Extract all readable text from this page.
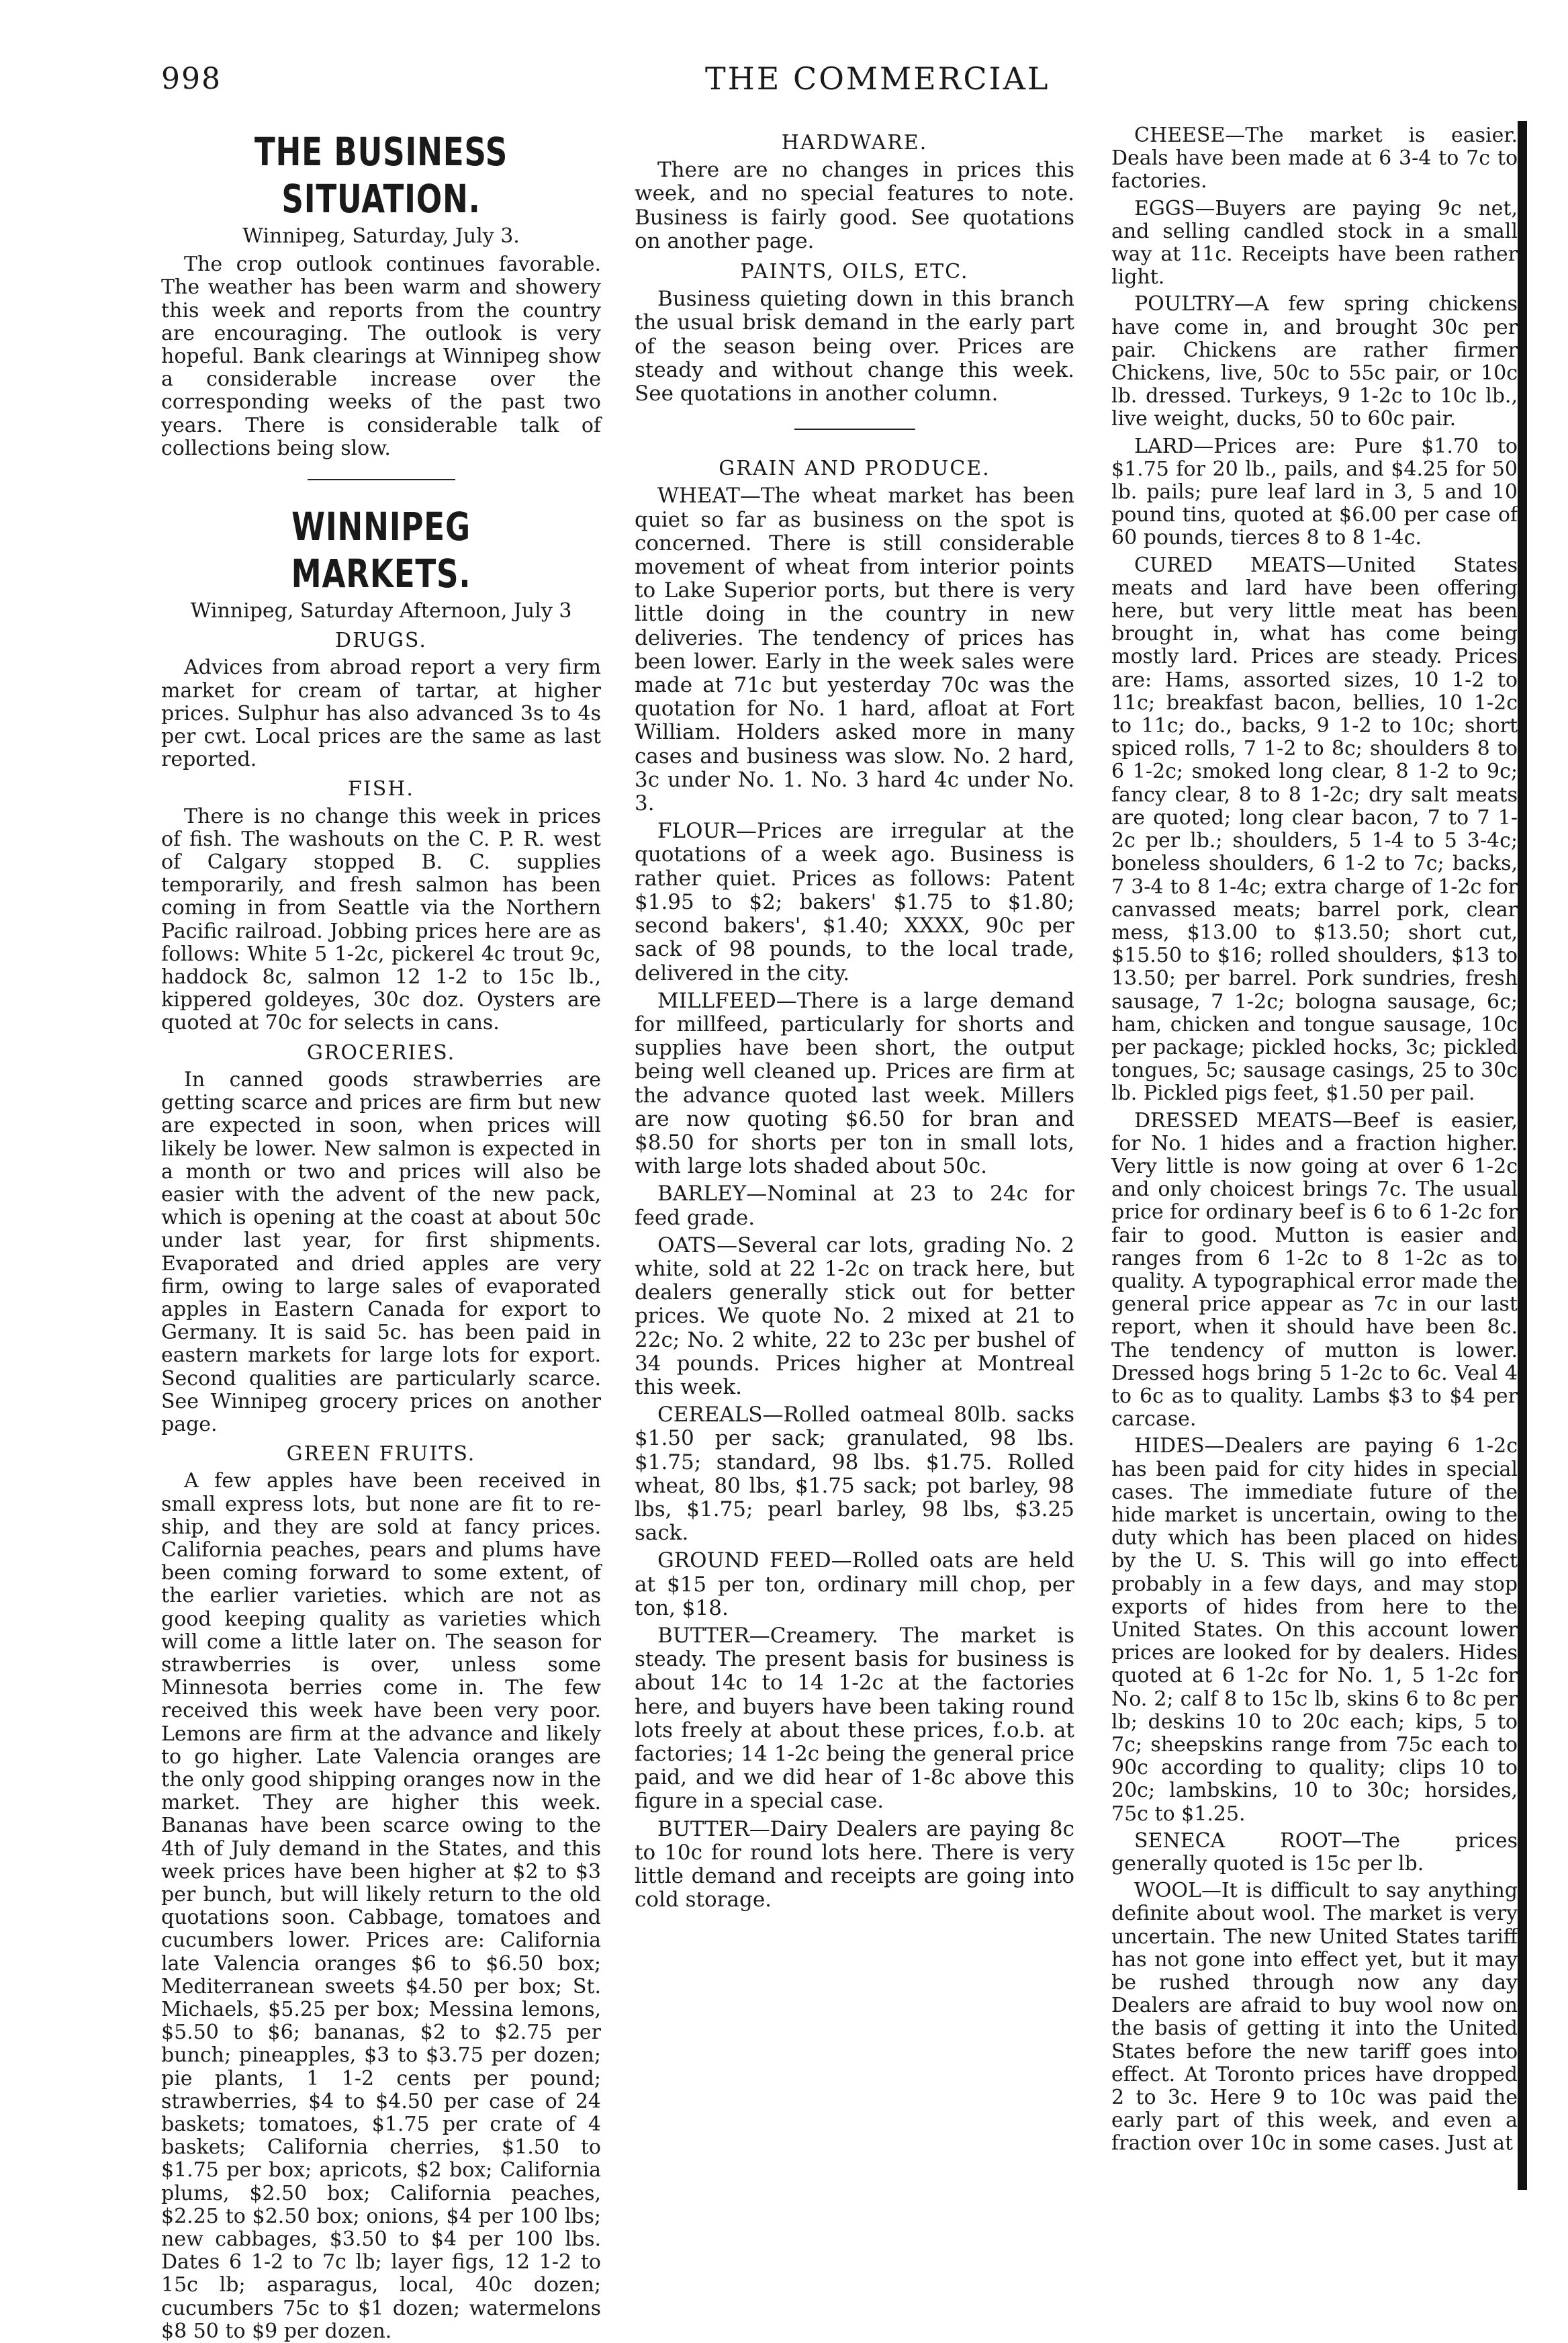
998	THE COMMERCIAL
THE BUSINESS SITUATION.
Winnipeg, Saturday, July 3.

The crop outlook continues favorable. The weather has been warm and showery this week and reports from the country are encouraging. The outlook is very hopeful. Bank clearings at Winnipeg show a considerable increase over the corresponding weeks of the past two years. There is considerable talk of collections being slow.

WINNIPEG MARKETS.
Winnipeg, Saturday Afternoon, July 3
DRUGS.

Advices from abroad report a very firm market for cream of tartar, at higher prices. Sulphur has also advanced 3s to 4s per cwt. Local prices are the same as last reported.

FISH.

There is no change this week in prices of fish. The washouts on the C. P. R. west of Calgary stopped B. C. supplies temporarily, and fresh salmon has been coming in from Seattle via the Northern Pacific railroad. Jobbing prices here are as follows: White 5 1-2c, pickerel 4c trout 9c, haddock 8c, salmon 12 1-2 to 15c lb., kippered goldeyes, 30c doz. Oysters are quoted at 70c for selects in cans.

GROCERIES.

In canned goods strawberries are getting scarce and prices are firm but new are expected in soon, when prices will likely be lower. New salmon is expected in a month or two and prices will also be easier with the advent of the new pack, which is opening at the coast at about 50c under last year, for first shipments. Evaporated and dried apples are very firm, owing to large sales of evaporated apples in Eastern Canada for export to Germany. It is said 5c. has been paid in eastern markets for large lots for export. Second qualities are particularly scarce. See Winnipeg grocery prices on another page.

GREEN FRUITS.

A few apples have been received in small express lots, but none are fit to re-ship, and they are sold at fancy prices. California peaches, pears and plums have been coming forward to some extent, of the earlier varieties. which are not as good keeping quality as varieties which will come a little later on. The season for strawberries is over, unless some Minnesota berries come in. The few received this week have been very poor. Lemons are firm at the advance and likely to go higher. Late Valencia oranges are the only good shipping oranges now in the market. They are higher this week. Bananas have been scarce owing to the 4th of July demand in the States, and this week prices have been higher at $2 to $3 per bunch, but will likely return to the old quotations soon. Cabbage, tomatoes and cucumbers lower. Prices are: California late Valencia oranges $6 to $6.50 box; Mediterranean sweets $4.50 per box; St. Michaels, $5.25 per box; Messina lemons, $5.50 to $6; bananas, $2 to $2.75 per bunch; pineapples, $3 to $3.75 per dozen; pie plants, 1 1-2 cents per pound; strawberries, $4 to $4.50 per case of 24 baskets; tomatoes, $1.75 per crate of 4 baskets; California cherries, $1.50 to $1.75 per box; apricots, $2 box; California plums, $2.50 box; California peaches, $2.25 to $2.50 box; onions, $4 per 100 lbs; new cabbages, $3.50 to $4 per 100 lbs. Dates 6 1-2 to 7c lb; layer figs, 12 1-2 to 15c lb; asparagus, local, 40c dozen; cucumbers 75c to $1 dozen; watermelons $8 50 to $9 per dozen.

HARDWARE.

There are no changes in prices this week, and no special features to note. Business is fairly good. See quotations on another page.

PAINTS, OILS, ETC.

Business quieting down in this branch the usual brisk demand in the early part of the season being over. Prices are steady and without change this week. See quotations in another column.

GRAIN AND PRODUCE.

WHEAT—The wheat market has been quiet so far as business on the spot is concerned. There is still considerable movement of wheat from interior points to Lake Superior ports, but there is very little doing in the country in new deliveries. The tendency of prices has been lower. Early in the week sales were made at 71c but yesterday 70c was the quotation for No. 1 hard, afloat at Fort William. Holders asked more in many cases and business was slow. No. 2 hard, 3c under No. 1. No. 3 hard 4c under No. 3.

FLOUR—Prices are irregular at the quotations of a week ago. Business is rather quiet. Prices as follows: Patent $1.95 to $2; bakers' $1.75 to $1.80; second bakers', $1.40; XXXX, 90c per sack of 98 pounds, to the local trade, delivered in the city.

MILLFEED—There is a large demand for millfeed, particularly for shorts and supplies have been short, the output being well cleaned up. Prices are firm at the advance quoted last week. Millers are now quoting $6.50 for bran and $8.50 for shorts per ton in small lots, with large lots shaded about 50c.

BARLEY—Nominal at 23 to 24c for feed grade.

OATS—Several car lots, grading No. 2 white, sold at 22 1-2c on track here, but dealers generally stick out for better prices. We quote No. 2 mixed at 21 to 22c; No. 2 white, 22 to 23c per bushel of 34 pounds. Prices higher at Montreal this week.

CEREALS—Rolled oatmeal 80lb. sacks $1.50 per sack; granulated, 98 lbs. $1.75; standard, 98 lbs. $1.75. Rolled wheat, 80 lbs, $1.75 sack; pot barley, 98 lbs, $1.75; pearl barley, 98 lbs, $3.25 sack.

GROUND FEED—Rolled oats are held at $15 per ton, ordinary mill chop, per ton, $18.

BUTTER—Creamery. The market is steady. The present basis for business is about 14c to 14 1-2c at the factories here, and buyers have been taking round lots freely at about these prices, f.o.b. at factories; 14 1-2c being the general price paid, and we did hear of 1-8c above this figure in a special case.

BUTTER—Dairy Dealers are paying 8c to 10c for round lots here. There is very little demand and receipts are going into cold storage.

CHEESE—The market is easier. Deals have been made at 6 3-4 to 7c to factories.

EGGS—Buyers are paying 9c net, and selling candled stock in a small way at 11c. Receipts have been rather light.

POULTRY—A few spring chickens have come in, and brought 30c per pair. Chickens are rather firmer Chickens, live, 50c to 55c pair, or 10c lb. dressed. Turkeys, 9 1-2c to 10c lb., live weight, ducks, 50 to 60c pair.

LARD—Prices are: Pure $1.70 to $1.75 for 20 lb., pails, and $4.25 for 50 lb. pails; pure leaf lard in 3, 5 and 10 pound tins, quoted at $6.00 per case of 60 pounds, tierces 8 to 8 1-4c.

CURED MEATS—United States meats and lard have been offering here, but very little meat has been brought in, what has come being mostly lard. Prices are steady. Prices are: Hams, assorted sizes, 10 1-2 to 11c; breakfast bacon, bellies, 10 1-2c to 11c; do., backs, 9 1-2 to 10c; short spiced rolls, 7 1-2 to 8c; shoulders 8 to 6 1-2c; smoked long clear, 8 1-2 to 9c; fancy clear, 8 to 8 1-2c; dry salt meats are quoted; long clear bacon, 7 to 7 1-2c per lb.; shoulders, 5 1-4 to 5 3-4c; boneless shoulders, 6 1-2 to 7c; backs, 7 3-4 to 8 1-4c; extra charge of 1-2c for canvassed meats; barrel pork, clear mess, $13.00 to $13.50; short cut, $15.50 to $16; rolled shoulders, $13 to 13.50; per barrel. Pork sundries, fresh sausage, 7 1-2c; bologna sausage, 6c; ham, chicken and tongue sausage, 10c per package; pickled hocks, 3c; pickled tongues, 5c; sausage casings, 25 to 30c lb. Pickled pigs feet, $1.50 per pail.

DRESSED MEATS—Beef is easier, for No. 1 hides and a fraction higher. Very little is now going at over 6 1-2c and only choicest brings 7c. The usual price for ordinary beef is 6 to 6 1-2c for fair to good. Mutton is easier and ranges from 6 1-2c to 8 1-2c as to quality. A typographical error made the general price appear as 7c in our last report, when it should have been 8c. The tendency of mutton is lower. Dressed hogs bring 5 1-2c to 6c. Veal 4 to 6c as to quality. Lambs $3 to $4 per carcase.

HIDES—Dealers are paying 6 1-2c has been paid for city hides in special cases. The immediate future of the hide market is uncertain, owing to the duty which has been placed on hides by the U. S. This will go into effect probably in a few days, and may stop exports of hides from here to the United States. On this account lower prices are looked for by dealers. Hides quoted at 6 1-2c for No. 1, 5 1-2c for No. 2; calf 8 to 15c lb, skins 6 to 8c per lb; deskins 10 to 20c each; kips, 5 to 7c; sheepskins range from 75c each to 90c according to quality; clips 10 to 20c; lambskins, 10 to 30c; horsides, 75c to $1.25.

SENECA ROOT—The prices generally quoted is 15c per lb.

WOOL—It is difficult to say anything definite about wool. The market is very uncertain. The new United States tariff has not gone into effect yet, but it may be rushed through now any day Dealers are afraid to buy wool now on the basis of getting it into the United States before the new tariff goes into effect. At Toronto prices have dropped 2 to 3c. Here 9 to 10c was paid the early part of this week, and even a fraction over 10c in some cases. Just at
